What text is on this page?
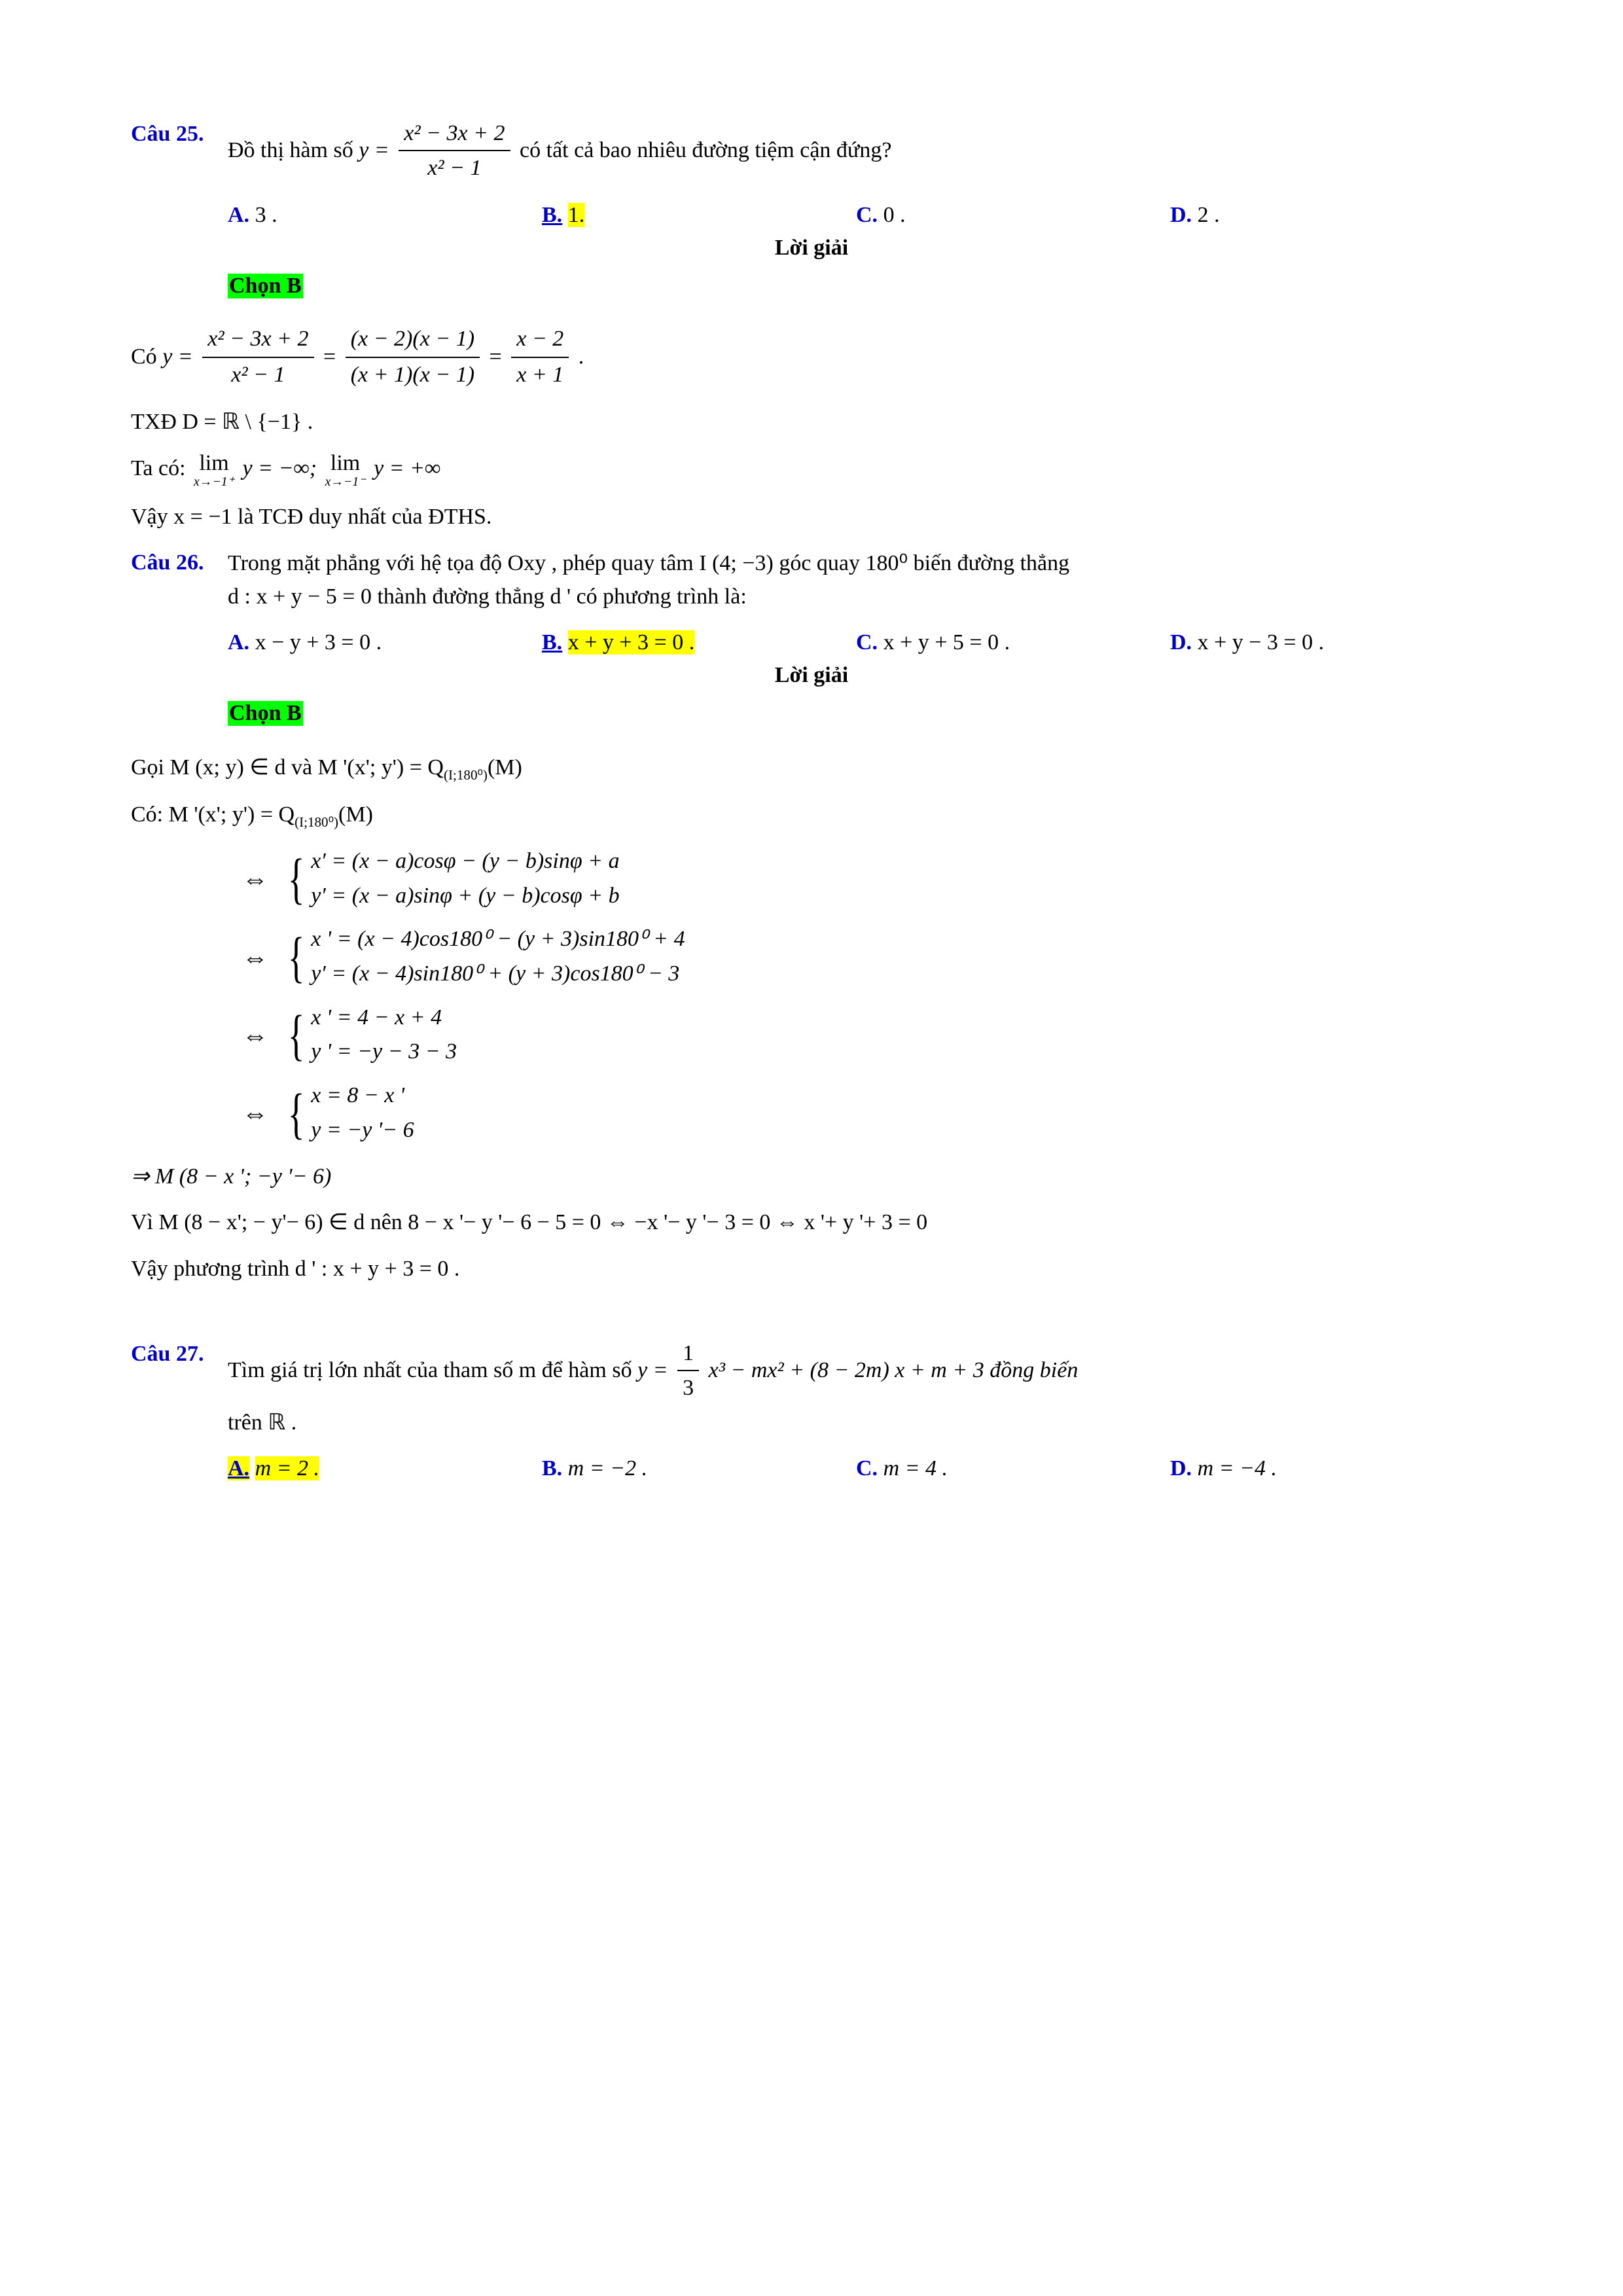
Câu 25.
Đồ thị hàm số $y = \frac{\text{x² − 3x + 2}}{\text{x² − 1}}$ có tất cả bao nhiêu đường tiệm cận đứng?
A. 3 .	B. 1.	C. 0 .	D. 2 .
Lời giải
Chọn B
Có $y = \frac{\text{x² − 3x + 2}}{\text{x² − 1}} = \frac{(x - 2)(x - 1)}{(x + 1)(x - 1)} = \frac{x - 2}{x + 1}$ .
TXĐ D = ℝ \ {−1} .
Ta có: lim
x→−1⁺
y = −∞; lim
x→−1⁻
y = +∞
Vậy x = −1 là TCĐ duy nhất của ĐTHS.
Câu 26.	Trong mặt phẳng với hệ tọa độ Oxy , phép quay tâm I (4; −3) góc quay 180⁰ biến đường thẳng
d : x + y − 5 = 0 thành đường thẳng d ' có phương trình là:
A. x − y + 3 = 0 .	B. x + y + 3 = 0 .	C. x + y + 5 = 0 .	D. x + y − 3 = 0 .
Lời giải
Chọn B
Gọi M (x; y) ∈ d và M '(x'; $y') = Q_{(I;180^0)}(M)$
Có: M '(x'; $y') = Q_{(I;180^0)}(M)$
⇔ { x′ = (x − a)cosφ − (y − b)sinφ + a
y′ = (x − a)sinφ + (y − b)cosφ + b
⇔ { x ' = (x − 4)cos180⁰ − (y + 3)sin180⁰ + 4
y′ = (x − 4)sin180⁰ + (y + 3)cos180⁰ − 3
⇔ { x ' = 4 − x + 4
y ' = −y − 3 − 3
⇔ { x = 8 − x '
y = −y '− 6
⇒ M (8 − x '; −y '− 6)
Vì M (8 − x'; − y'− 6) ∈ d nên 8 − x '− y '− 6 − 5 = 0 ⇔ −x '− y '− 3 = 0 ⇔ x '+ y '+ 3 = 0
Vậy phương trình d ' : x + y + 3 = 0 .
Câu 27.
Tìm giá trị lớn nhất của tham số m để hàm số $y = \frac{1}{3} x^3 - mx^2 + (8 - 2m) x + m + 3$ đồng biến
trên ℝ .
A. m = 2 .	B. m = −2 .	C. m = 4 .	D. m = −4 .
